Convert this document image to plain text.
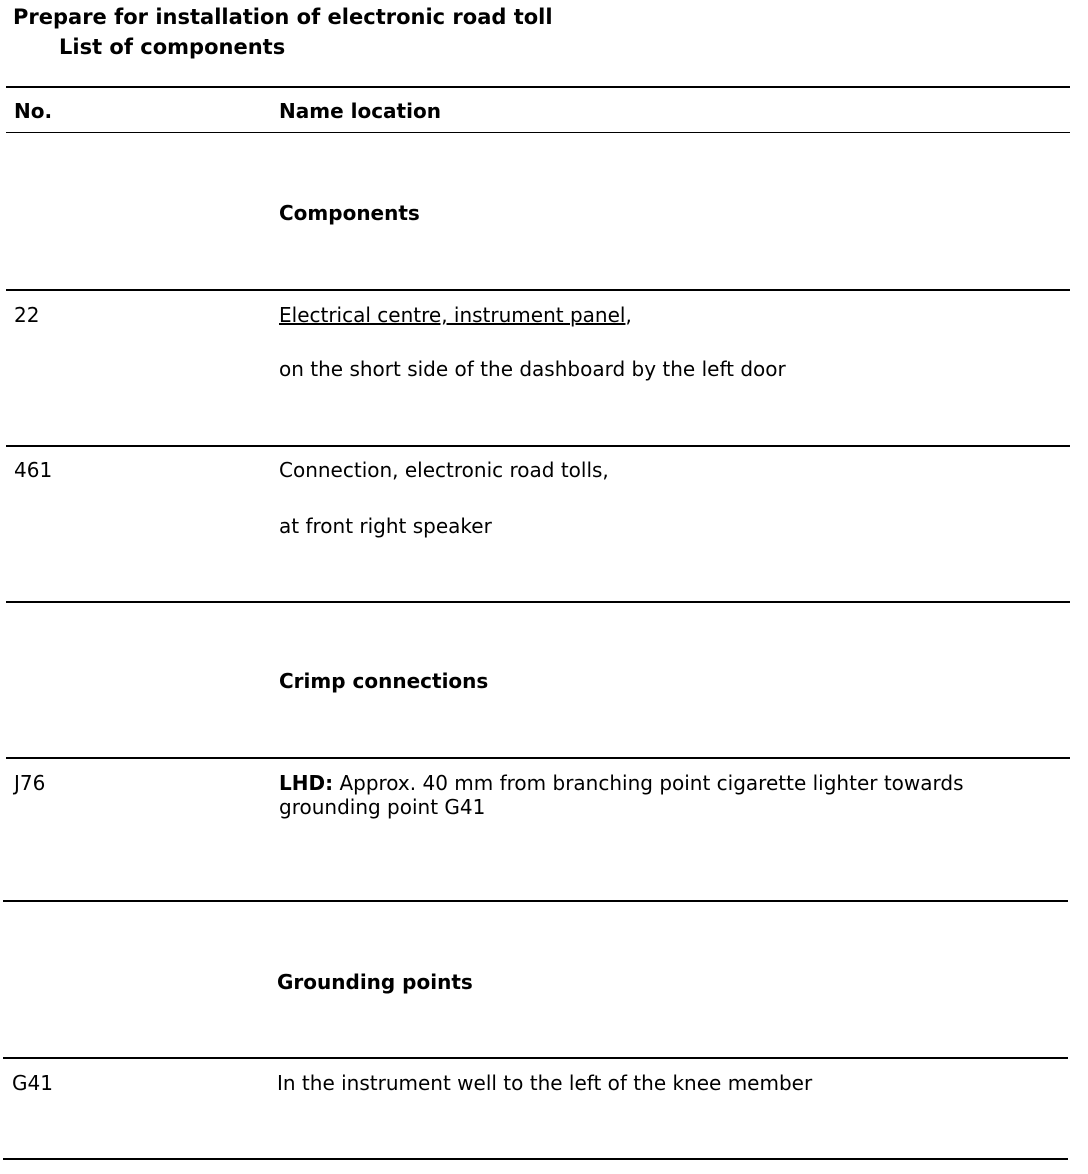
Prepare for installation of electronic road toll
List of components
No.	Name location
Components
22	Electrical centre, instrument panel,
on the short side of the dashboard by the left door
461	Connection, electronic road tolls,
at front right speaker
Crimp connections
J76	LHD: Approx. 40 mm from branching point cigarette lighter towards grounding point G41
Grounding points
G41	In the instrument well to the left of the knee member
